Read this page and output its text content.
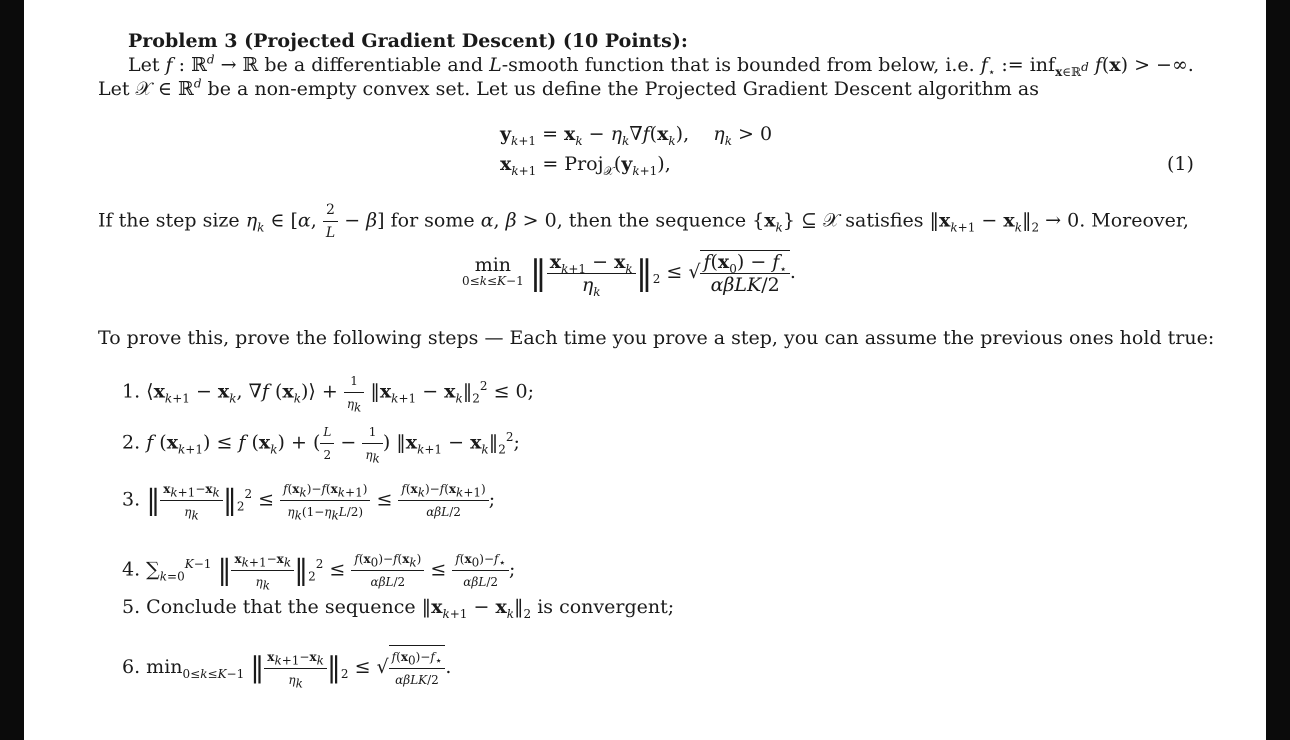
Problem 3 (Projected Gradient Descent) (10 Points):
Let f : ℝ$^d$ → ℝ be a differentiable and L-smooth function that is bounded from below, i.e. $f_⋆$ := inf$_{x\in ℝ^d}$ f(x) > −∞.
Let 𝒳 ∈ ℝ$^d$ be a non-empty convex set. Let us define the Projected Gradient Descent algorithm as
$y_{k+1} = x_k - \eta_k\nabla f(x_k)$,    $\eta_k > 0$
$x_{k+1}$ = $Proj_𝒳(y_{k+1})$,	(1)
If the step size $\eta_k$ ∈ [α, $\frac{2}{L} - \beta$] for some α, β > 0, then the sequence $\{x_k\}$ ⊆ 𝒳 satisfies $‖x_{k+1}$ − $x_k‖_2 \to 0$. Moreover,
min
0≤k≤K−1 ‖ $\frac{x_{k+1} - x_k}{\eta_k}$ $‖_2$ ≤ √ $\frac{f(x_0) - f_⋆}{\text{αβLK/2}}$ .
To prove this, prove the following steps — Each time you prove a step, you can assume the previous ones hold true:
1. $⟨x_{k+1} - x_k$, ∇f $(x_k)⟩ + \frac{1}{\eta_k}$ $‖x_{k+1}$ − $x_k‖_2^2 \le 0$;
2. f $(x_{k+1}) \le f$ $(x_k)$ + ( $\frac{L}{2} - \frac{1}{\eta_k}$ ) $‖x_{k+1}$ − $x_k‖_2^2$;
3. ‖ $\frac{x_{k+1}-x_k}{\eta_k}$ $‖_2^2 \le \frac{f(x_k)-f(x_{k+1})}{\eta_k(1-\eta_kL/2)} \le \frac{f(x_k)-f(x_{k+1})}{\text{αβL/2}}$ ;
4. $\sum_{k=0}^{K-1}$ ‖ $\frac{x_{k+1}-x_k}{\eta_k}$ $‖_2^2 \le \frac{f(x_0)-f(x_k)}{\text{αβL/2}} \le \frac{f(x_0)-f_⋆}{\text{αβL/2}}$ ;
5. Conclude that the sequence $‖x_{k+1}$ − $x_k‖_2$ is convergent;
6. $\min_{0\le k\le K-1}$ ‖ $\frac{x_{k+1}-x_k}{\eta_k}$ $‖_2$ ≤ √ $\frac{f(x_0)-f_⋆}{\text{αβLK/2}}$ .
